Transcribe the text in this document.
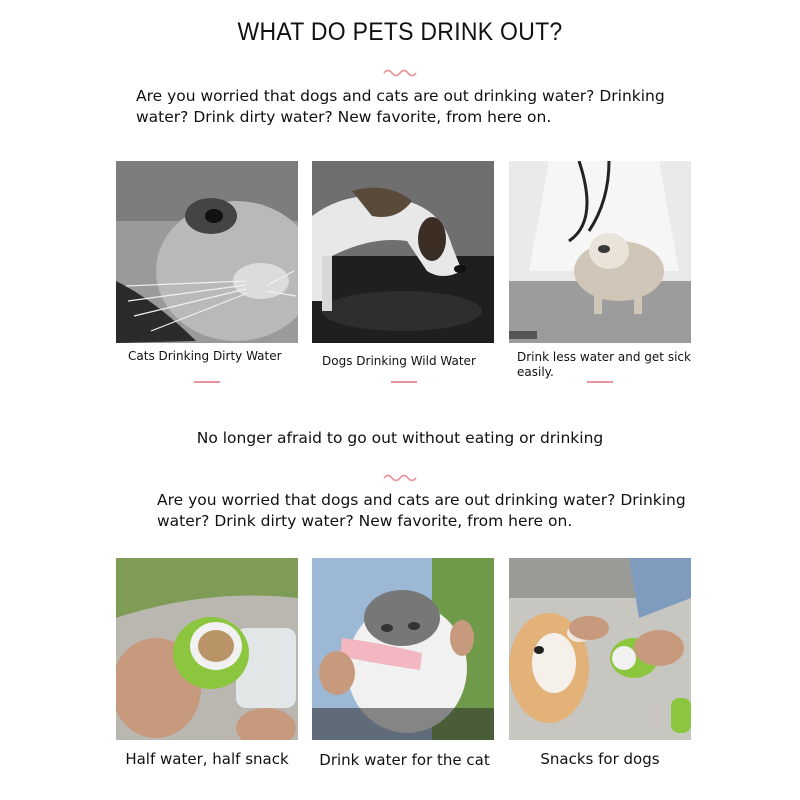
WHAT DO PETS DRINK OUT?
Are you worried that dogs and cats are out drinking water? Drinking water? Drink dirty water? New favorite, from here on.
Cats Drinking Dirty Water	Dogs Drinking Wild Water	Drink less water and get sick easily.
No longer afraid to go out without eating or drinking
Are you worried that dogs and cats are out drinking water? Drinking water? Drink dirty water? New favorite, from here on.
Half water, half snack	Drink water for the cat	Snacks for dogs
